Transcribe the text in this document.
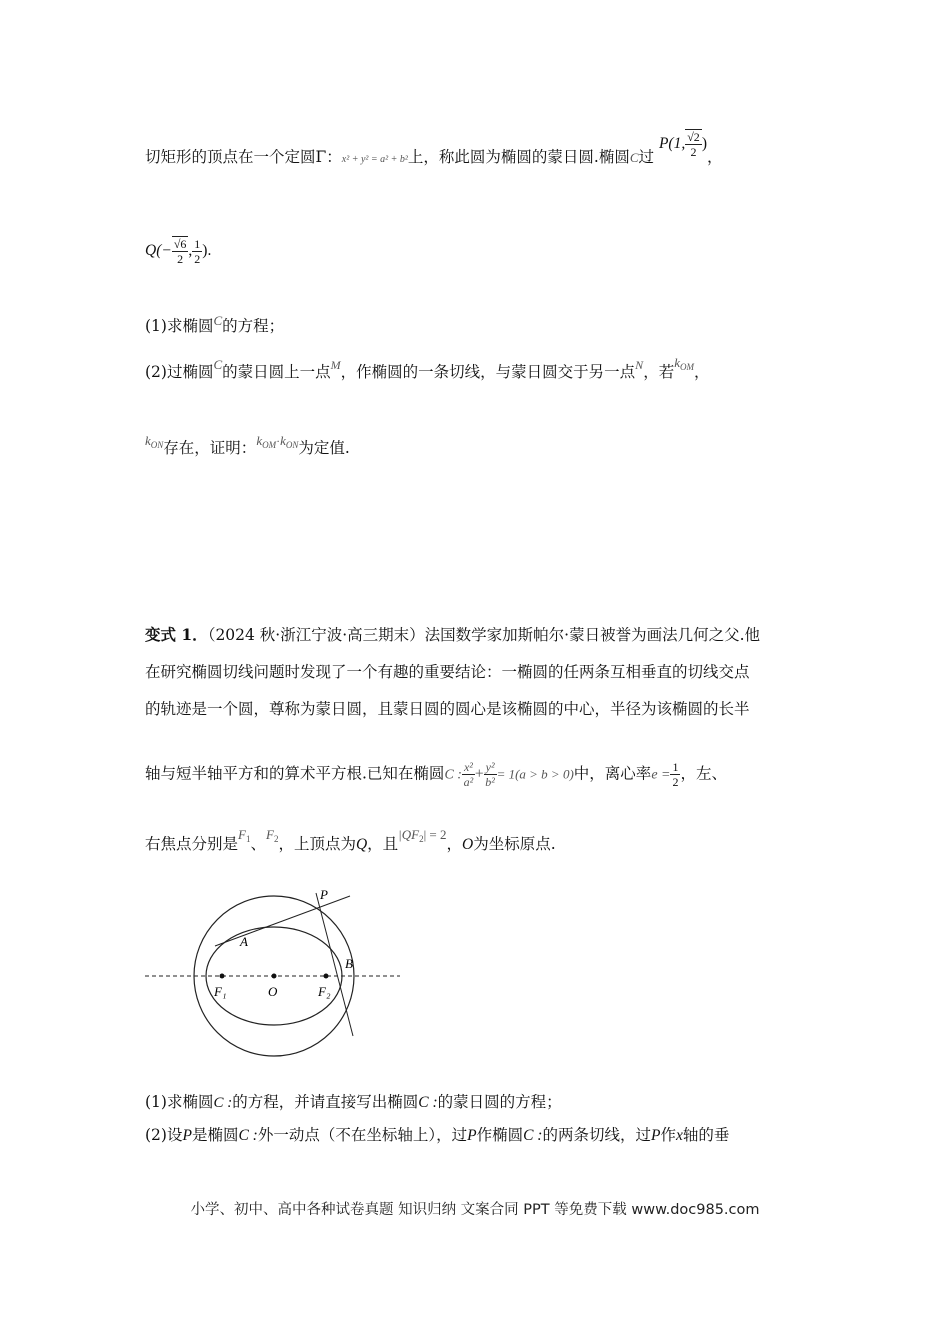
切矩形的顶点在一个定圆Γ：x² + y² = a² + b²上，称此圆为椭圆的蒙日圆.椭圆C过 P(1, $\frac{√2}{2}$ )，
$Q(- \frac{√6}{2}$ , $\frac{1}{2}$ ).
(1)求椭圆$^C$的方程；
(2)过椭圆$^C$的蒙日圆上一点$^M$，作椭圆的一条切线，与蒙日圆交于另一点$^N$，若$k_{OM}$，
$k_{ON}$存在，证明：$k_{OM}\cdot k_{ON}$为定值.
变式 1．（2024 秋·浙江宁波·高三期末）法国数学家加斯帕尔·蒙日被誉为画法几何之父.他
在研究椭圆切线问题时发现了一个有趣的重要结论：一椭圆的任两条互相垂直的切线交点
的轨迹是一个圆，尊称为蒙日圆，且蒙日圆的圆心是该椭圆的中心，半径为该椭圆的长半
轴与短半轴平方和的算术平方根.已知在椭圆C : $\frac{\text{x²}}{\text{a²}} + \frac{\text{y²}}{\text{b²}} = 1(a > b > 0)$中，离心率$e = \frac{1}{2}$ ，左、
右焦点分别是$F_1$、$F_2$，上顶点为Q，且$|QF_2| = 2$，O为坐标原点.
P
A
B
F₁	O	F₂
(1)求椭圆C :的方程，并请直接写出椭圆C :的蒙日圆的方程；
(2)设P是椭圆C :外一动点（不在坐标轴上），过P作椭圆C :的两条切线，过P作x轴的垂
小学、初中、高中各种试卷真题 知识归纳 文案合同 PPT 等免费下载 www.doc985.com
